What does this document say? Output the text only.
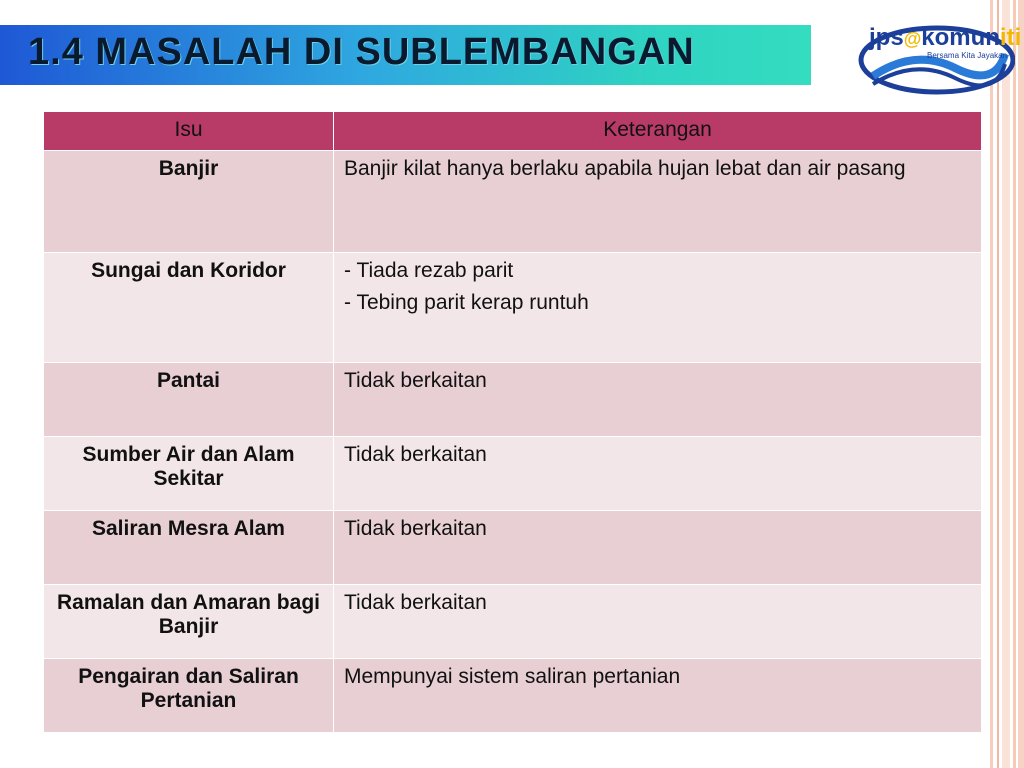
1.4 MASALAH DI SUBLEMBANGAN	jps@komuniti
Bersama Kita Jayakan
Isu	Keterangan
Banjir	Banjir kilat hanya berlaku apabila hujan lebat dan air pasang

Sungai dan Koridor	- Tiada rezab parit
- Tebing parit kerap runtuh

Pantai	Tidak berkaitan

Sumber Air dan Alam Sekitar	Tidak berkaitan

Saliran Mesra Alam	Tidak berkaitan

Ramalan dan Amaran bagi Banjir	Tidak berkaitan

Pengairan dan Saliran Pertanian	Mempunyai sistem saliran pertanian
